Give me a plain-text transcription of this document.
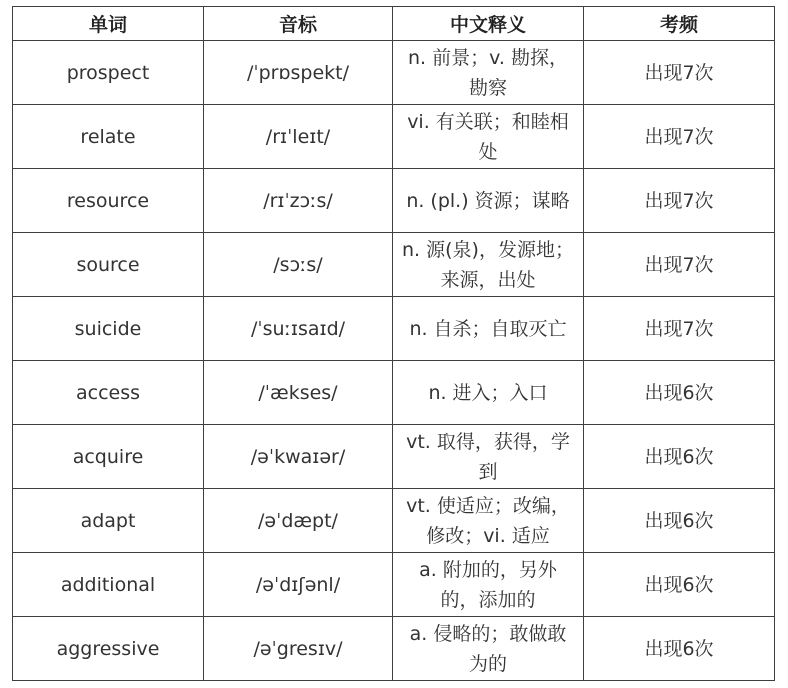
单词	音标	中文释义	考频
prospect	/ˈprɒspekt/	n. 前景；v. 勘探，勘察	出现7次
relate	/rɪˈleɪt/	vi. 有关联；和睦相处	出现7次
resource	/rɪˈzɔːs/	n. (pl.) 资源；谋略	出现7次
source	/sɔːs/	n. 源(泉)，发源地；来源，出处	出现7次
suicide	/ˈsuːɪsaɪd/	n. 自杀；自取灭亡	出现7次
access	/ˈækses/	n. 进入；入口	出现6次
acquire	/əˈkwaɪər/	vt. 取得，获得，学到	出现6次
adapt	/əˈdæpt/	vt. 使适应；改编，修改；vi. 适应	出现6次
additional	/əˈdɪʃənl/	a. 附加的，另外的，添加的	出现6次
aggressive	/əˈgresɪv/	a. 侵略的；敢做敢为的	出现6次
